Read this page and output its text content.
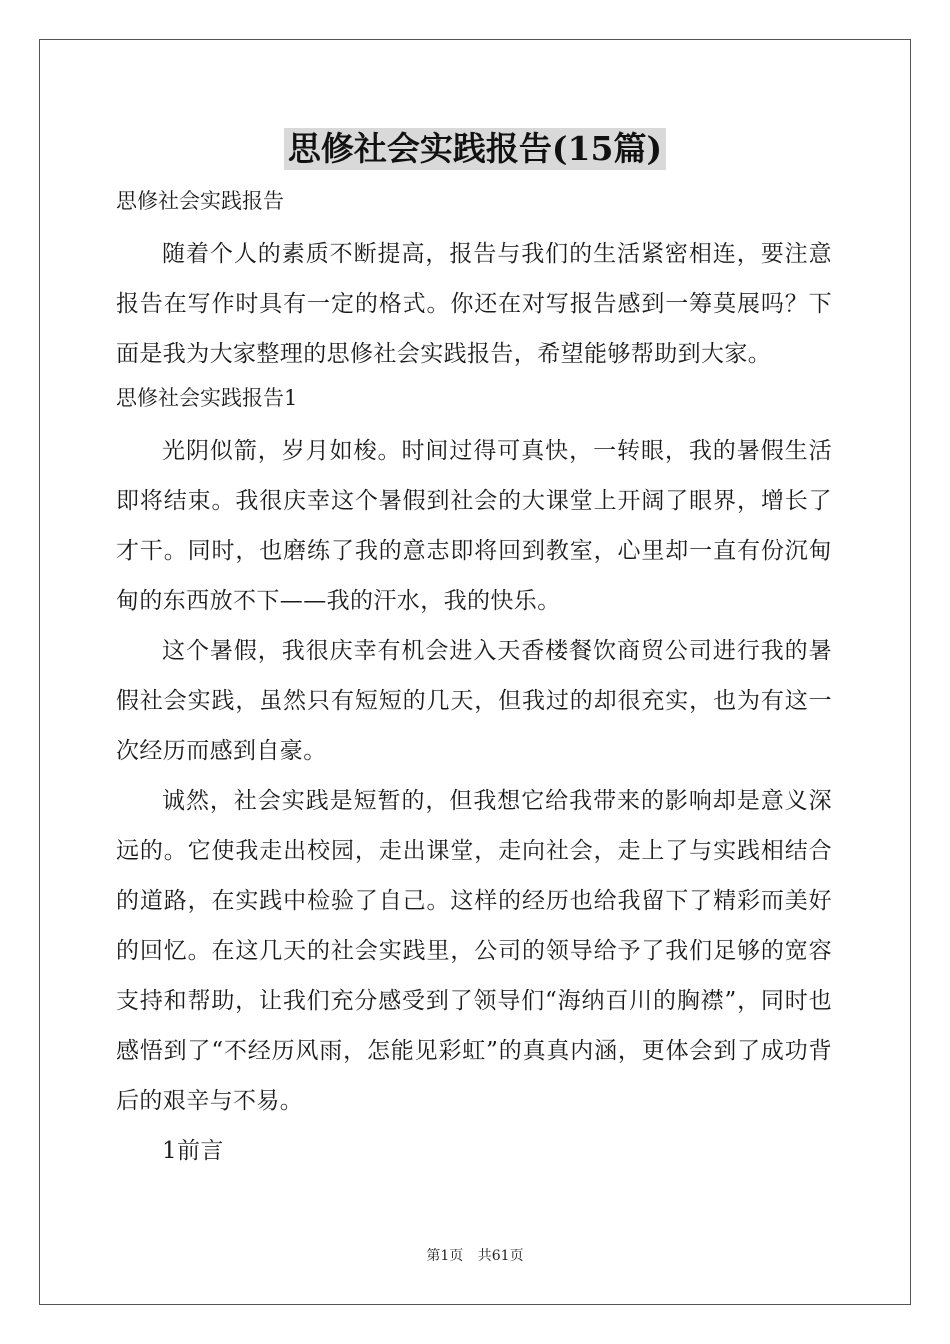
思修社会实践报告(15篇)

思修社会实践报告

随着个人的素质不断提高，报告与我们的生活紧密相连，要注意报告在写作时具有一定的格式。你还在对写报告感到一筹莫展吗？下面是我为大家整理的思修社会实践报告，希望能够帮助到大家。

思修社会实践报告1

光阴似箭，岁月如梭。时间过得可真快，一转眼，我的暑假生活即将结束。我很庆幸这个暑假到社会的大课堂上开阔了眼界，增长了才干。同时，也磨练了我的意志即将回到教室，心里却一直有份沉甸甸的东西放不下——我的汗水，我的快乐。

这个暑假，我很庆幸有机会进入天香楼餐饮商贸公司进行我的暑假社会实践，虽然只有短短的几天，但我过的却很充实，也为有这一次经历而感到自豪。

诚然，社会实践是短暂的，但我想它给我带来的影响却是意义深远的。它使我走出校园，走出课堂，走向社会，走上了与实践相结合的道路，在实践中检验了自己。这样的经历也给我留下了精彩而美好的回忆。在这几天的社会实践里，公司的领导给予了我们足够的宽容支持和帮助，让我们充分感受到了领导们“海纳百川的胸襟”，同时也感悟到了“不经历风雨，怎能见彩虹”的真真内涵，更体会到了成功背后的艰辛与不易。

1前言

第1页 共61页
